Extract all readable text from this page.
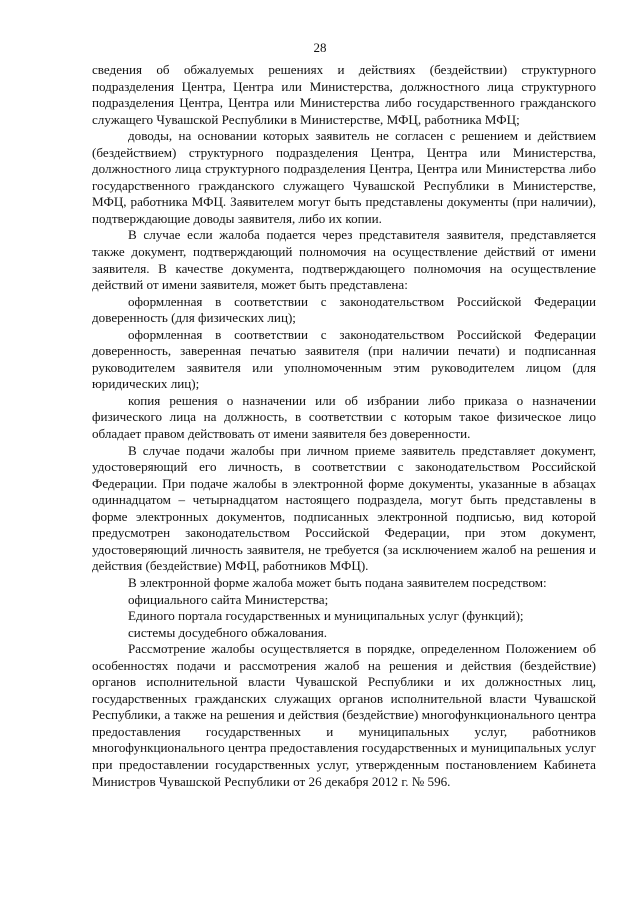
28

сведения об обжалуемых решениях и действиях (бездействии) структурного подразделения Центра, Центра или Министерства, должностного лица структурного подразделения Центра, Центра или Министерства либо государственного гражданского служащего Чувашской Республики в Министерстве, МФЦ, работника МФЦ;

доводы, на основании которых заявитель не согласен с решением и действием (бездействием) структурного подразделения Центра, Центра или Министерства, должностного лица структурного подразделения Центра, Центра или Министерства либо государственного гражданского служащего Чувашской Республики в Министерстве, МФЦ, работника МФЦ. Заявителем могут быть представлены документы (при наличии), подтверждающие доводы заявителя, либо их копии.

В случае если жалоба подается через представителя заявителя, представляется также документ, подтверждающий полномочия на осуществление действий от имени заявителя. В качестве документа, подтверждающего полномочия на осуществление действий от имени заявителя, может быть представлена:

оформленная в соответствии с законодательством Российской Федерации доверенность (для физических лиц);

оформленная в соответствии с законодательством Российской Федерации доверенность, заверенная печатью заявителя (при наличии печати) и подписанная руководителем заявителя или уполномоченным этим руководителем лицом (для юридических лиц);

копия решения о назначении или об избрании либо приказа о назначении физического лица на должность, в соответствии с которым такое физическое лицо обладает правом действовать от имени заявителя без доверенности.

В случае подачи жалобы при личном приеме заявитель представляет документ, удостоверяющий его личность, в соответствии с законодательством Российской Федерации. При подаче жалобы в электронной форме документы, указанные в абзацах одиннадцатом – четырнадцатом настоящего подраздела, могут быть представлены в форме электронных документов, подписанных электронной подписью, вид которой предусмотрен законодательством Российской Федерации, при этом документ, удостоверяющий личность заявителя, не требуется (за исключением жалоб на решения и действия (бездействие) МФЦ, работников МФЦ).

В электронной форме жалоба может быть подана заявителем посредством:

официального сайта Министерства;

Единого портала государственных и муниципальных услуг (функций);

системы досудебного обжалования.

Рассмотрение жалобы осуществляется в порядке, определенном Положением об особенностях подачи и рассмотрения жалоб на решения и действия (бездействие) органов исполнительной власти Чувашской Республики и их должностных лиц, государственных гражданских служащих органов исполнительной власти Чувашской Республики, а также на решения и действия (бездействие) многофункционального центра предоставления государственных и муниципальных услуг, работников многофункционального центра предоставления государственных и муниципальных услуг при предоставлении государственных услуг, утвержденным постановлением Кабинета Министров Чувашской Республики от 26 декабря 2012 г. № 596.
